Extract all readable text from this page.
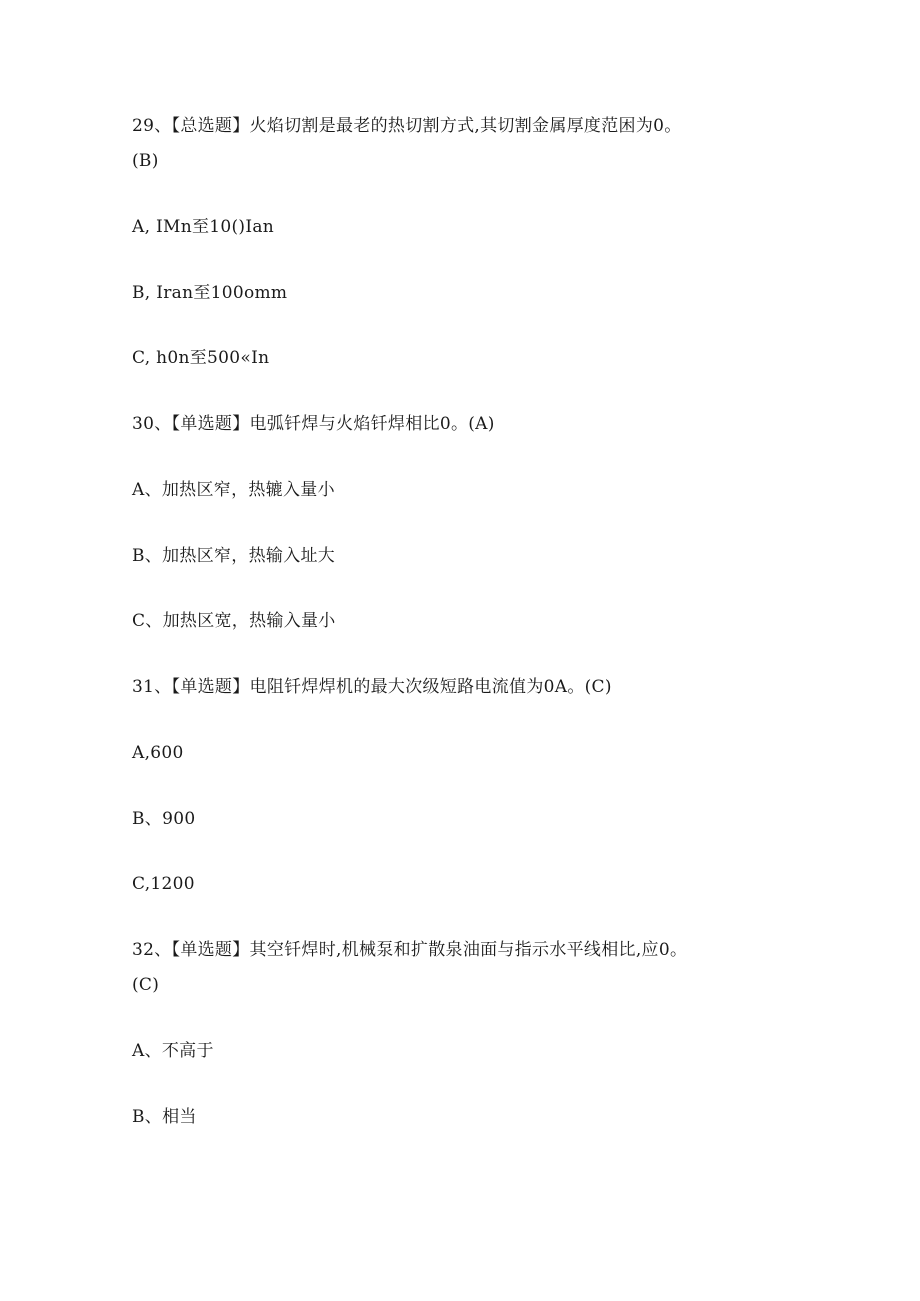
29、【总选题】火焰切割是最老的热切割方式,其切割金属厚度范困为0。
(B)
A, IMn至10()Ian
B, Iran至100omm
C, h0n至500«In
30、【单选题】电弧钎焊与火焰钎焊相比0。(A)
A、加热区窄，热辘入量小
B、加热区窄，热输入址大
C、加热区宽，热输入量小
31、【单选题】电阻钎焊焊机的最大次级短路电流值为0A。(C)
A,600
B、900
C,1200
32、【单选题】其空钎焊时,机械泵和扩散泉油面与指示水平线相比,应0。
(C)
A、不高于
B、相当
